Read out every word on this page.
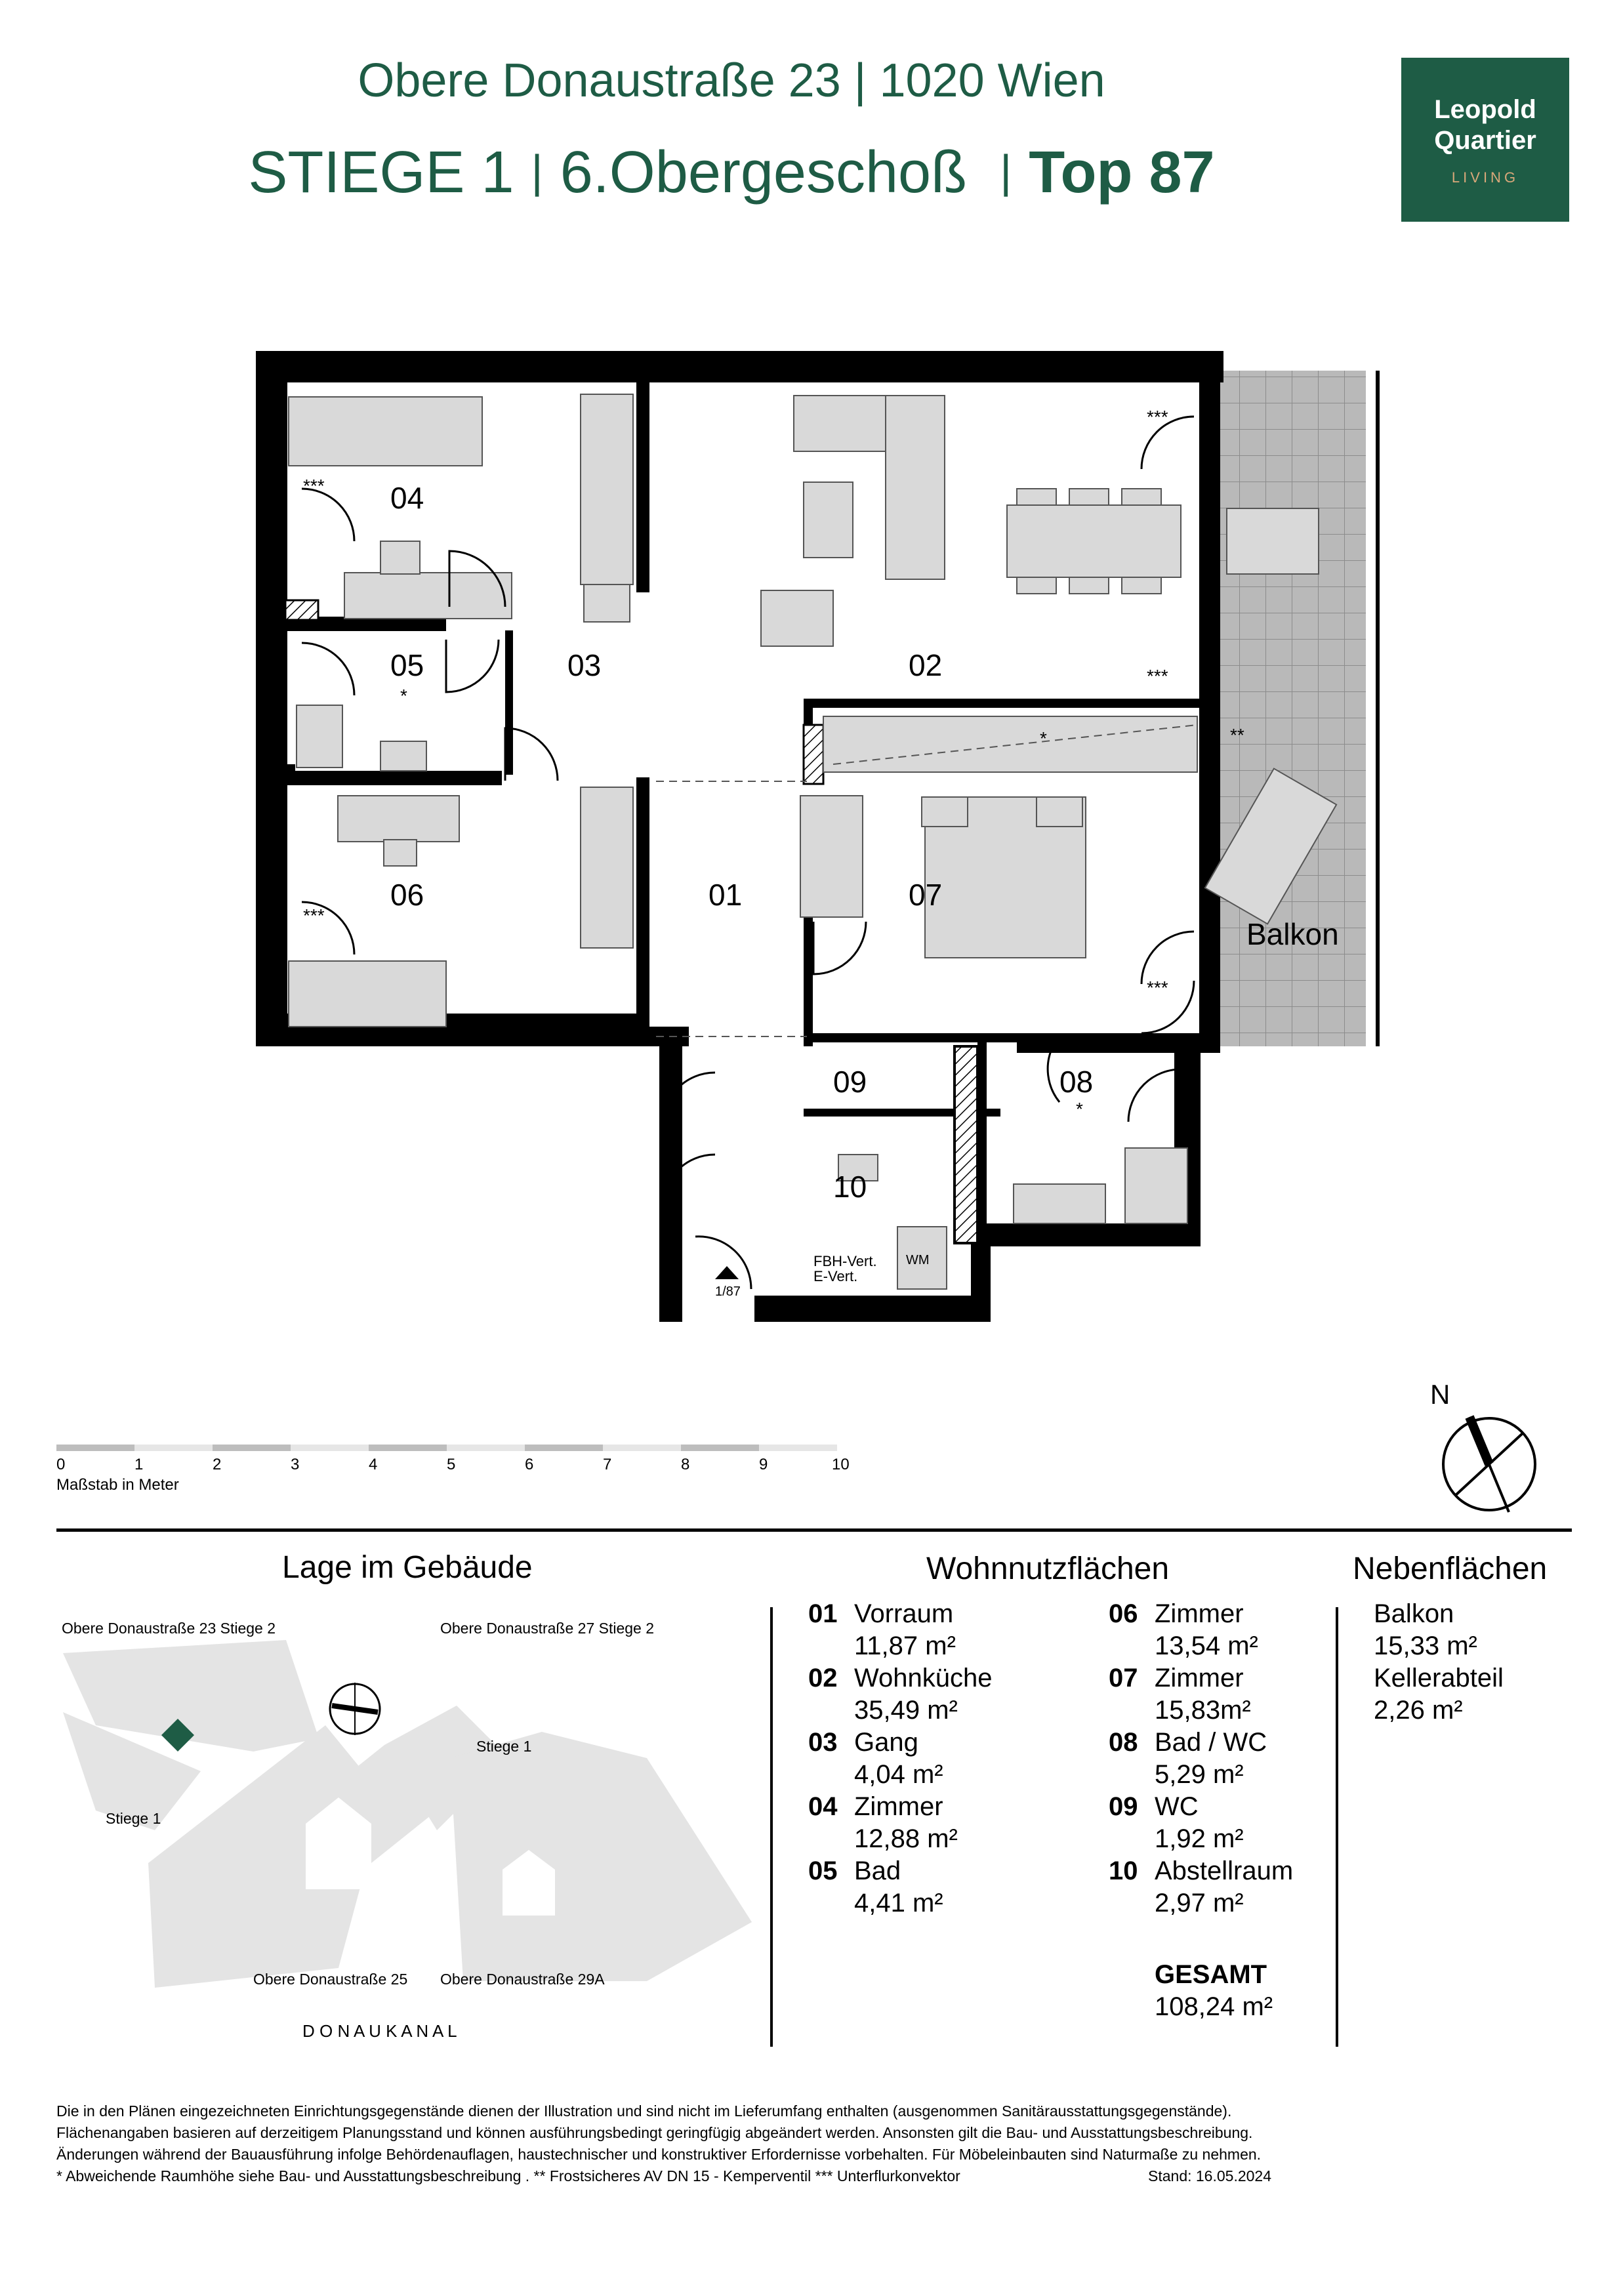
Obere Donaustraße 23 | 1020 Wien
STIEGE 1 | 6.Obergeschoß | Top 87
Leopold
Quartier
LIVING
04
05	03	02
06	01	07
09	08
10
Balkon
*
*
*
***
***
***
***
***
**
FBH-Vert.
E-Vert.
WM
1/87
N
0	1	2	3	4	5	6	7	8	9	10
Maßstab in Meter
Lage im Gebäude
Obere Donaustraße 23 Stiege 2	Obere Donaustraße 27 Stiege 2
Stiege 1
Stiege 1
Obere Donaustraße 25 Obere Donaustraße 29A
D O N A U K A N A L
Wohnnutzflächen
01 Vorraum
11,87 m²
02 Wohnküche
35,49 m²
03 Gang
4,04 m²
04 Zimmer
12,88 m²
05 Bad
4,41 m²
06 Zimmer
13,54 m²
07 Zimmer
15,83m²
08 Bad / WC
5,29 m²
09 WC
1,92 m²
10 Abstellraum
2,97 m²
GESAMT
108,24 m²
Nebenflächen
Balkon
15,33 m²
Kellerabteil
2,26 m²
Die in den Plänen eingezeichneten Einrichtungsgegenstände dienen der Illustration und sind nicht im Lieferumfang enthalten (ausgenommen Sanitärausstattungsgegenstände).
Flächenangaben basieren auf derzeitigem Planungsstand und können ausführungsbedingt geringfügig abgeändert werden. Ansonsten gilt die Bau- und Ausstattungsbeschreibung.
Änderungen während der Bauausführung infolge Behördenauflagen, haustechnischer und konstruktiver Erfordernisse vorbehalten. Für Möbeleinbauten sind Naturmaße zu nehmen.
* Abweichende Raumhöhe siehe Bau- und Ausstattungsbeschreibung . ** Frostsicheres AV DN 15 - Kemperventil *** Unterflurkonvektor	Stand: 16.05.2024
